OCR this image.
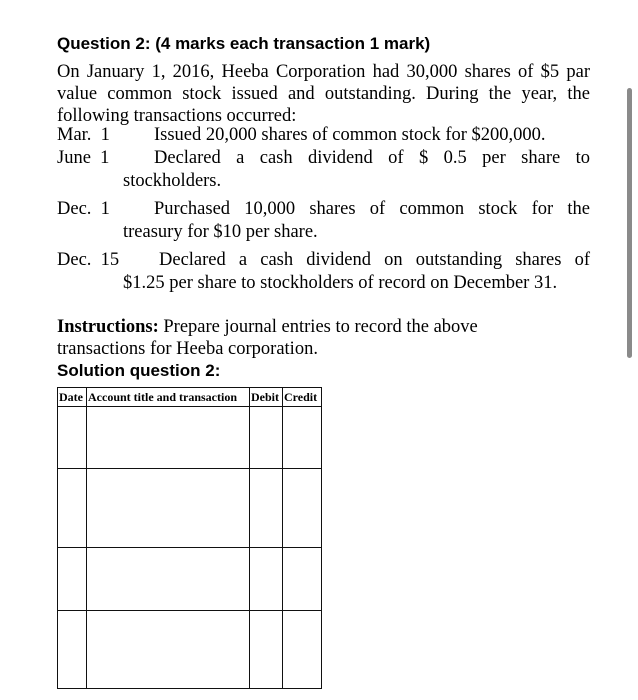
Question 2: (4 marks each transaction 1 mark)
On January 1, 2016, Heeba Corporation had 30,000 shares of $5 par
value common stock issued and outstanding. During the year, the
following transactions occurred:
Mar.  1 Issued 20,000 shares of common stock for $200,000.
June  1 Declared a cash dividend of $ 0.5 per share to
stockholders.
Dec.  1 Purchased 10,000 shares of common stock for the
treasury for $10 per share.
Dec.  15 Declared a cash dividend on outstanding shares of
$1.25 per share to stockholders of record on December 31.
Instructions: Prepare journal entries to record the above
transactions for Heeba corporation.
Solution question 2:
Date	Account title and transaction	Debit	Credit
